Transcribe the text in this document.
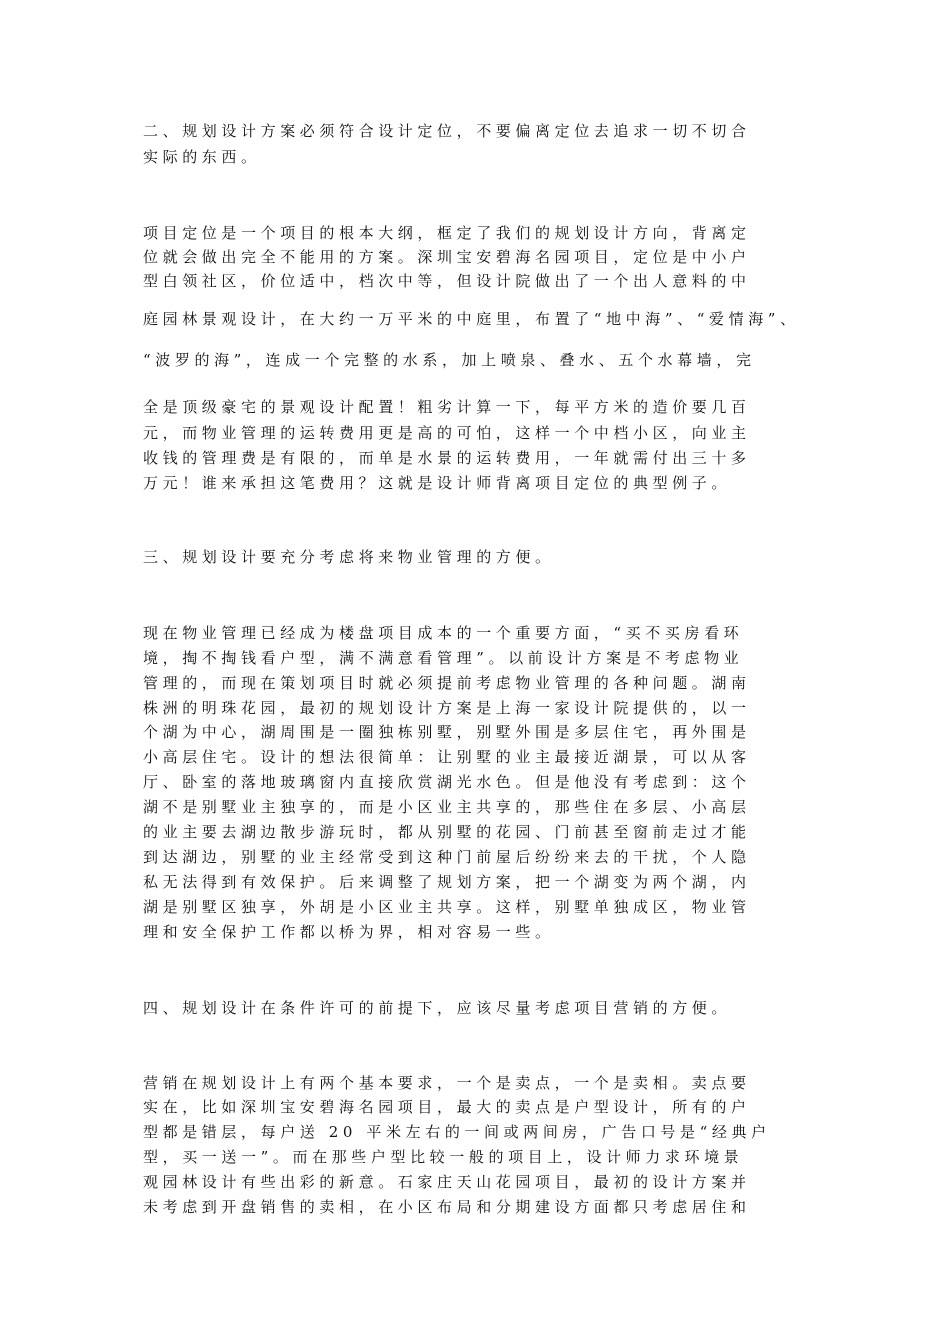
二、规划设计方案必须符合设计定位，不要偏离定位去追求一切不切合

实际的东西。

项目定位是一个项目的根本大纲，框定了我们的规划设计方向，背离定

位就会做出完全不能用的方案。深圳宝安碧海名园项目，定位是中小户

型白领社区，价位适中，档次中等，但设计院做出了一个出人意料的中

庭园林景观设计，在大约一万平米的中庭里，布置了“地中海”、“爱情海”、

“波罗的海”，连成一个完整的水系，加上喷泉、叠水、五个水幕墙，完

全是顶级豪宅的景观设计配置！粗劣计算一下，每平方米的造价要几百

元，而物业管理的运转费用更是高的可怕，这样一个中档小区，向业主

收钱的管理费是有限的，而单是水景的运转费用，一年就需付出三十多

万元！谁来承担这笔费用？这就是设计师背离项目定位的典型例子。

三、规划设计要充分考虑将来物业管理的方便。

现在物业管理已经成为楼盘项目成本的一个重要方面，“买不买房看环

境，掏不掏钱看户型，满不满意看管理”。以前设计方案是不考虑物业

管理的，而现在策划项目时就必须提前考虑物业管理的各种问题。湖南

株洲的明珠花园，最初的规划设计方案是上海一家设计院提供的，以一

个湖为中心，湖周围是一圈独栋别墅，别墅外围是多层住宅，再外围是

小高层住宅。设计的想法很简单：让别墅的业主最接近湖景，可以从客

厅、卧室的落地玻璃窗内直接欣赏湖光水色。但是他没有考虑到：这个

湖不是别墅业主独享的，而是小区业主共享的，那些住在多层、小高层

的业主要去湖边散步游玩时，都从别墅的花园、门前甚至窗前走过才能

到达湖边，别墅的业主经常受到这种门前屋后纷纷来去的干扰，个人隐

私无法得到有效保护。后来调整了规划方案，把一个湖变为两个湖，内

湖是别墅区独享，外胡是小区业主共享。这样，别墅单独成区，物业管

理和安全保护工作都以桥为界，相对容易一些。

四、规划设计在条件许可的前提下，应该尽量考虑项目营销的方便。

营销在规划设计上有两个基本要求，一个是卖点，一个是卖相。卖点要

实在，比如深圳宝安碧海名园项目，最大的卖点是户型设计，所有的户

型都是错层，每户送 20 平米左右的一间或两间房，广告口号是“经典户

型，买一送一”。而在那些户型比较一般的项目上，设计师力求环境景

观园林设计有些出彩的新意。石家庄天山花园项目，最初的设计方案并

未考虑到开盘销售的卖相，在小区布局和分期建设方面都只考虑居住和
